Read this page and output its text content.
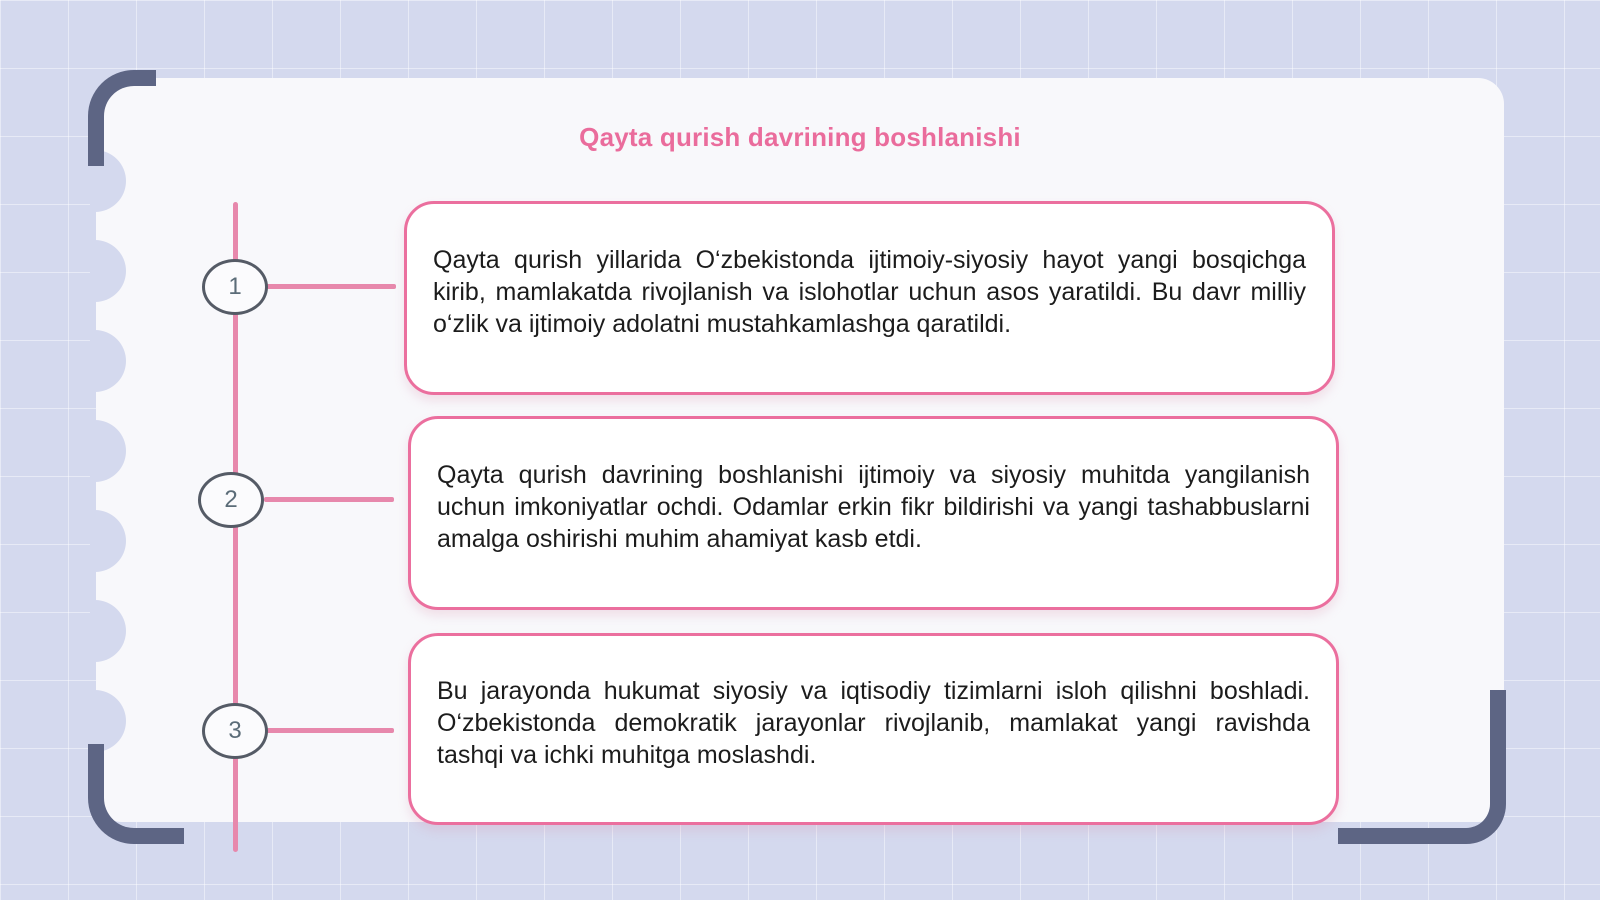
Qayta qurish davrining boshlanishi
1
Qayta qurish yillarida O‘zbekistonda ijtimoiy-siyosiy hayot yangi bosqichga kirib, mamlakatda rivojlanish va islohotlar uchun asos yaratildi. Bu davr milliy o‘zlik va ijtimoiy adolatni mustahkamlashga qaratildi.
2
Qayta qurish davrining boshlanishi ijtimoiy va siyosiy muhitda yangilanish uchun imkoniyatlar ochdi. Odamlar erkin fikr bildirishi va yangi tashabbuslarni amalga oshirishi muhim ahamiyat kasb etdi.
3
Bu jarayonda hukumat siyosiy va iqtisodiy tizimlarni isloh qilishni boshladi. O‘zbekistonda demokratik jarayonlar rivojlanib, mamlakat yangi ravishda tashqi va ichki muhitga moslashdi.
